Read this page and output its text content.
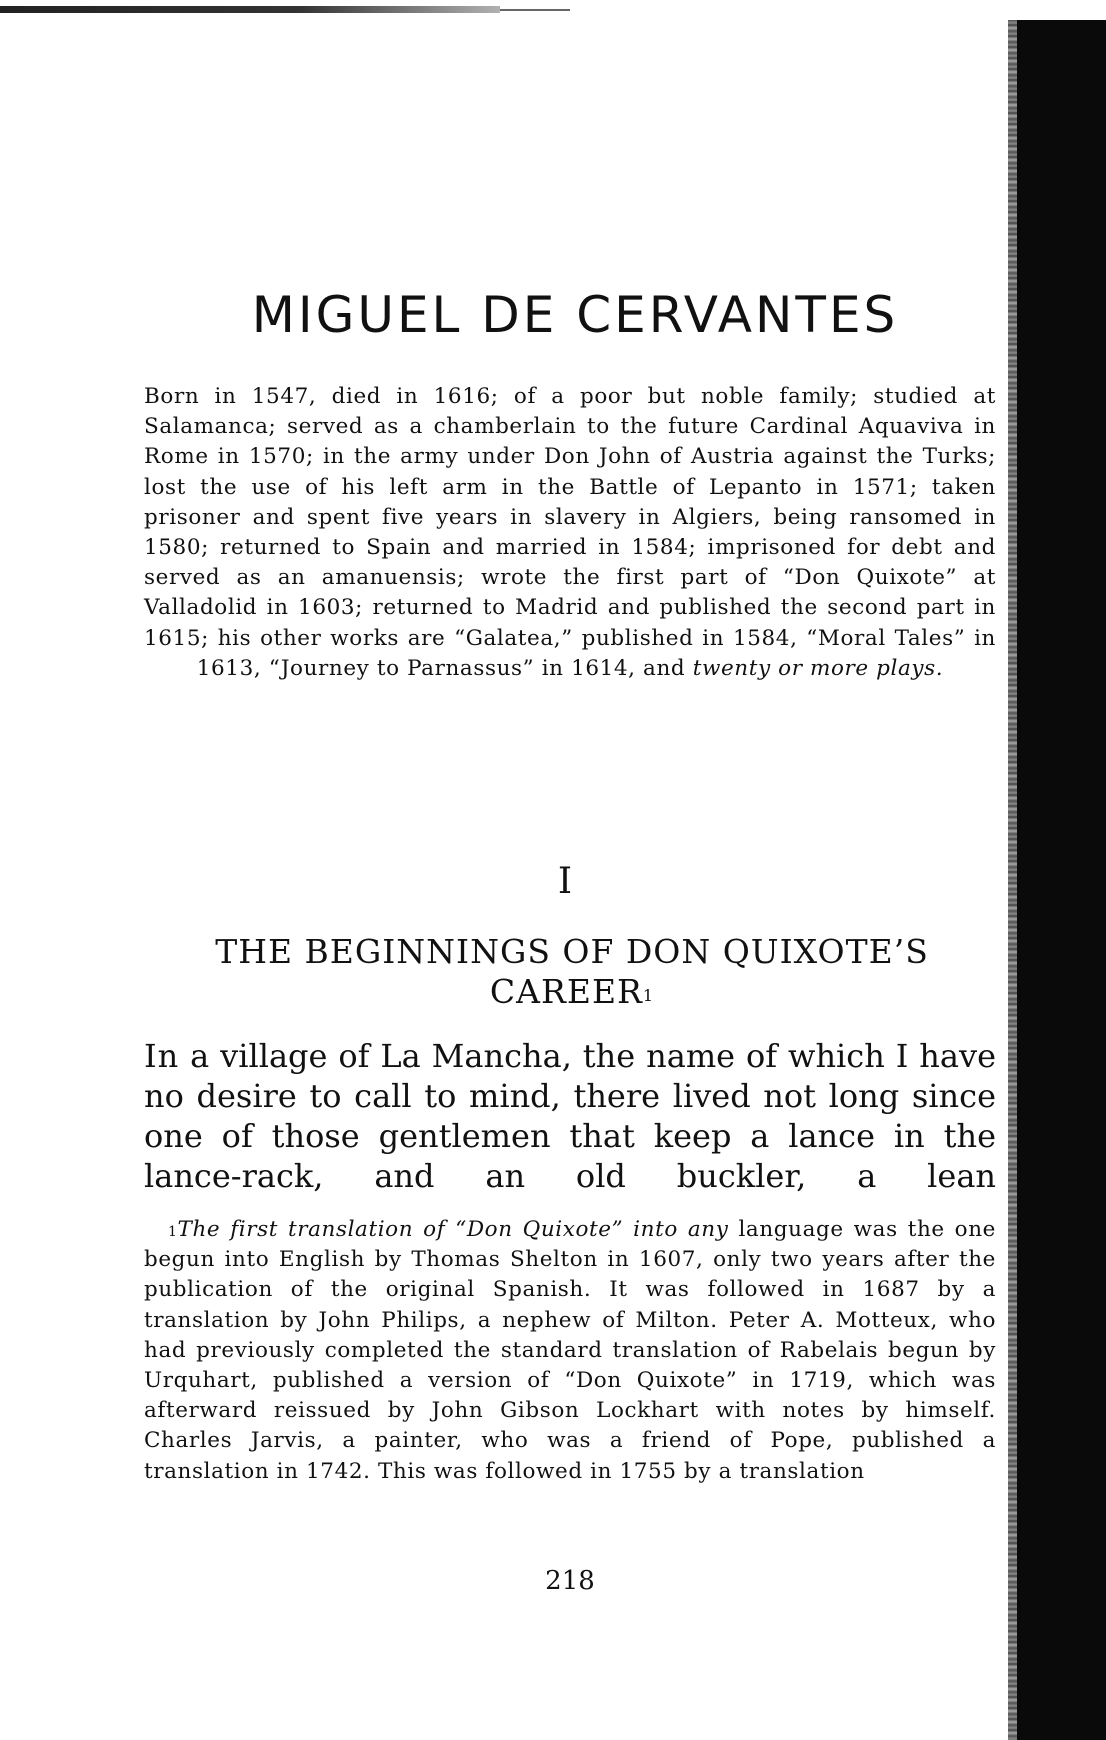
MIGUEL DE CERVANTES

Born in 1547, died in 1616; of a poor but noble family; studied at Salamanca; served as a chamberlain to the future Cardinal Aquaviva in Rome in 1570; in the army under Don John of Austria against the Turks; lost the use of his left arm in the Battle of Lepanto in 1571; taken prisoner and spent five years in slavery in Algiers, being ransomed in 1580; returned to Spain and married in 1584; imprisoned for debt and served as an amanuensis; wrote the first part of “Don Quixote” at Valladolid in 1603; returned to Madrid and published the second part in 1615; his other works are “Galatea,” published in 1584, “Moral Tales” in 1613, “Journey to Parnassus” in 1614, and twenty or more plays.

I
THE BEGINNINGS OF DON QUIXOTE’S CAREER$^1$

In a village of La Mancha, the name of which I have no desire to call to mind, there lived not long since one of those gentlemen that keep a lance in the lance-rack, and an old buckler, a lean

$^1$The first translation of “Don Quixote” into any language was the one begun into English by Thomas Shelton in 1607, only two years after the publication of the original Spanish. It was followed in 1687 by a translation by John Philips, a nephew of Milton. Peter A. Motteux, who had previously completed the standard translation of Rabelais begun by Urquhart, published a version of “Don Quixote” in 1719, which was afterward reissued by John Gibson Lockhart with notes by himself. Charles Jarvis, a painter, who was a friend of Pope, published a translation in 1742. This was followed in 1755 by a translation

218
